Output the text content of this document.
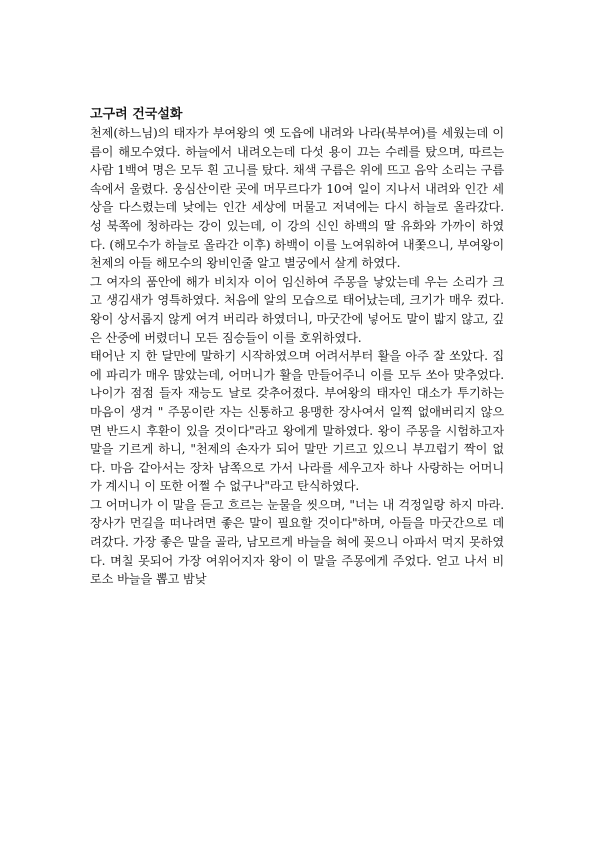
고구려 건국설화

천제(하느님)의 태자가 부여왕의 옛 도읍에 내려와 나라(북부여)를 세웠는데 이름이 해모수였다. 하늘에서 내려오는데 다섯 용이 끄는 수레를 탔으며, 따르는 사람 1백여 명은 모두 흰 고니를 탔다. 채색 구름은 위에 뜨고 음악 소리는 구름 속에서 울렸다. 웅심산이란 곳에 머무르다가 10여 일이 지나서 내려와 인간 세상을 다스렸는데 낮에는 인간 세상에 머물고 저녁에는 다시 하늘로 올라갔다. 성 북쪽에 청하라는 강이 있는데, 이 강의 신인 하백의 딸 유화와 가까이 하였다. (해모수가 하늘로 올라간 이후) 하백이 이를 노여워하여 내쫓으니, 부여왕이 천제의 아들 해모수의 왕비인줄 알고 별궁에서 살게 하였다.

그 여자의 품안에 해가 비치자 이어 임신하여 주몽을 낳았는데 우는 소리가 크고 생김새가 영특하였다. 처음에 알의 모습으로 태어났는데, 크기가 매우 컸다. 왕이 상서롭지 않게 여겨 버리라 하였더니, 마굿간에 넣어도 말이 밟지 않고, 깊은 산중에 버렸더니 모든 짐승들이 이를 호위하였다.

태어난 지 한 달만에 말하기 시작하였으며 어려서부터 활을 아주 잘 쏘았다. 집에 파리가 매우 많았는데, 어머니가 활을 만들어주니 이를 모두 쏘아 맞추었다. 나이가 점점 들자 재능도 날로 갖추어졌다. 부여왕의 태자인 대소가 투기하는 마음이 생겨 " 주몽이란 자는 신통하고 용맹한 장사여서 일찍 없애버리지 않으면 반드시 후환이 있을 것이다"라고 왕에게 말하였다. 왕이 주몽을 시험하고자 말을 기르게 하니, "천제의 손자가 되어 말만 기르고 있으니 부끄럽기 짝이 없다. 마음 같아서는 장차 남쪽으로 가서 나라를 세우고자 하나 사랑하는 어머니가 계시니 이 또한 어쩔 수 없구나"라고 탄식하였다.

그 어머니가 이 말을 듣고 흐르는 눈물을 씻으며, "너는 내 걱정일랑 하지 마라. 장사가 먼길을 떠나려면 좋은 말이 필요할 것이다"하며, 아들을 마굿간으로 데려갔다. 가장 좋은 말을 골라, 남모르게 바늘을 혀에 꽂으니 아파서 먹지 못하였다. 며칠 못되어 가장 여위어지자 왕이 이 말을 주몽에게 주었다. 얻고 나서 비로소 바늘을 뽑고 밤낮
